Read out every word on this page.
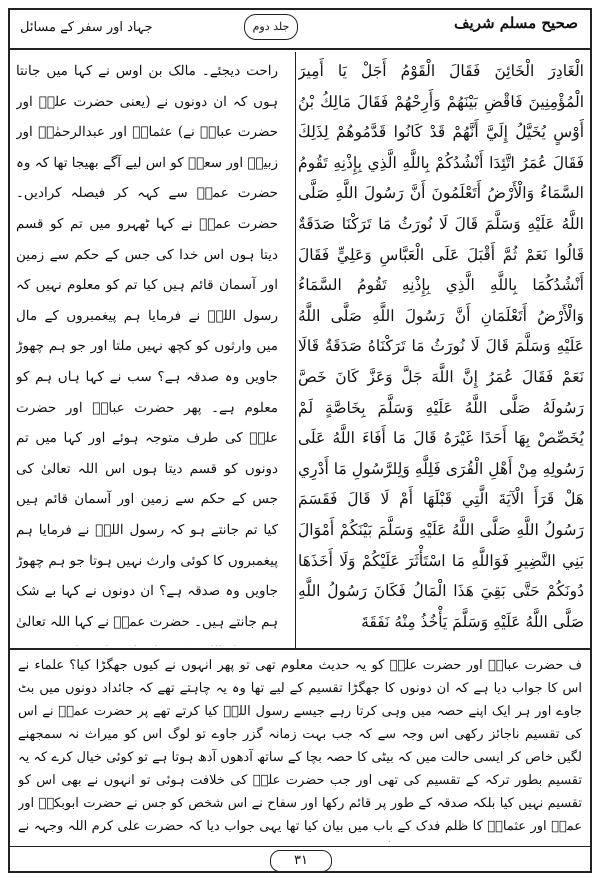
صحیح مسلم شریف
جلد دوم
جہاد اور سفر کے مسائل
الْغَادِرَ الْخَائِنَ فَقَالَ الْقَوْمُ أَجَلْ يَا أَمِيرَ الْمُؤْمِنِينَ فَاقْضِ بَيْنَهُمْ وَأَرِحْهُمْ فَقَالَ مَالِكُ بْنُ أَوْسٍ يُخَيَّلُ إِلَيَّ أَنَّهُمْ قَدْ كَانُوا قَدَّمُوهُمْ لِذَلِكَ فَقَالَ عُمَرُ اتَّئِدَا أَنْشُدُكُمْ بِاللَّهِ الَّذِي بِإِذْنِهِ تَقُومُ السَّمَاءُ وَالْأَرْضُ أَتَعْلَمُونَ أَنَّ رَسُولَ اللَّهِ صَلَّى اللَّهُ عَلَيْهِ وَسَلَّمَ قَالَ لَا نُورَثُ مَا تَرَكْنَا صَدَقَةٌ قَالُوا نَعَمْ ثُمَّ أَقْبَلَ عَلَى الْعَبَّاسِ وَعَلِيٍّ فَقَالَ أَنْشُدُكُمَا بِاللَّهِ الَّذِي بِإِذْنِهِ تَقُومُ السَّمَاءُ وَالْأَرْضُ أَتَعْلَمَانِ أَنَّ رَسُولَ اللَّهِ صَلَّى اللَّهُ عَلَيْهِ وَسَلَّمَ قَالَ لَا نُورَثُ مَا تَرَكْنَاهُ صَدَقَةٌ قَالَا نَعَمْ فَقَالَ عُمَرُ إِنَّ اللَّهَ جَلَّ وَعَزَّ كَانَ خَصَّ رَسُولَهُ صَلَّى اللَّهُ عَلَيْهِ وَسَلَّمَ بِخَاصَّةٍ لَمْ يُخَصِّصْ بِهَا أَحَدًا غَيْرَهُ قَالَ مَا أَفَاءَ اللَّهُ عَلَى رَسُولِهِ مِنْ أَهْلِ الْقُرَى فَلِلَّهِ وَلِلرَّسُولِ مَا أَدْرِي هَلْ قَرَأَ الْآيَةَ الَّتِي قَبْلَهَا أَمْ لَا قَالَ فَقَسَمَ رَسُولُ اللَّهِ صَلَّى اللَّهُ عَلَيْهِ وَسَلَّمَ بَيْنَكُمْ أَمْوَالَ بَنِي النَّضِيرِ فَوَاللَّهِ مَا اسْتَأْثَرَ عَلَيْكُمْ وَلَا أَخَذَهَا دُونَكُمْ حَتَّى بَقِيَ هَذَا الْمَالُ فَكَانَ رَسُولُ اللَّهِ صَلَّى اللَّهُ عَلَيْهِ وَسَلَّمَ يَأْخُذُ مِنْهُ نَفَقَةَ
راحت دیجئے۔ مالک بن اوس نے کہا میں جانتا ہوں کہ ان دونوں نے (یعنی حضرت علیؓ اور حضرت عباسؓ نے) عثمانؓ اور عبدالرحمٰنؓ اور زبیرؓ اور سعدؓ کو اس لیے آگے بھیجا تھا کہ وہ حضرت عمرؓ سے کہہ کر فیصلہ کرادیں۔ حضرت عمرؓ نے کہا ٹھہرو میں تم کو قسم دیتا ہوں اس خدا کی جس کے حکم سے زمین اور آسمان قائم ہیں کیا تم کو معلوم نہیں کہ رسول اللہؐ نے فرمایا ہم پیغمبروں کے مال میں وارثوں کو کچھ نہیں ملتا اور جو ہم چھوڑ جاویں وہ صدقہ ہے؟ سب نے کہا ہاں ہم کو معلوم ہے۔ پھر حضرت عباسؓ اور حضرت علیؓ کی طرف متوجہ ہوئے اور کہا میں تم دونوں کو قسم دیتا ہوں اس اللہ تعالیٰ کی جس کے حکم سے زمین اور آسمان قائم ہیں کیا تم جانتے ہو کہ رسول اللہؐ نے فرمایا ہم پیغمبروں کا کوئی وارث نہیں ہوتا جو ہم چھوڑ جاویں وہ صدقہ ہے؟ ان دونوں نے کہا بے شک ہم جانتے ہیں۔ حضرت عمرؓ نے کہا اللہ تعالیٰ
ف حضرت عباسؓ اور حضرت علیؓ کو یہ حدیث معلوم تھی تو پھر انہوں نے کیوں جھگڑا کیا؟ علماء نے اس کا جواب دیا ہے کہ ان دونوں کا جھگڑا تقسیم کے لیے تھا وہ یہ چاہتے تھے کہ جائداد دونوں میں بٹ جاوے اور ہر ایک اپنے حصہ میں وہی کرتا رہے جیسے رسول اللہؐ کیا کرتے تھے پر حضرت عمرؓ نے اس کی تقسیم ناجائز رکھی اس وجہ سے کہ جب بہت زمانہ گزر جاوے تو لوگ اس کو میراث نہ سمجھنے لگیں خاص کر ایسی حالت میں کہ بیٹی کا حصہ بچا کے ساتھ آدھوں آدھ ہوتا ہے تو کوئی خیال کرے کہ یہ تقسیم بطور ترکہ کے تقسیم کی تھی اور جب حضرت علیؓ کی خلافت ہوئی تو انہوں نے بھی اس کو تقسیم نہیں کیا بلکہ صدقہ کے طور پر قائم رکھا اور سفاح نے اس شخص کو جس نے حضرت ابوبکرؓ اور عمرؓ اور عثمانؓ کا ظلم فدک کے باب میں بیان کیا تھا یہی جواب دیا کہ حضرت علی کرم اللہ وجہہ نے
۳۱
